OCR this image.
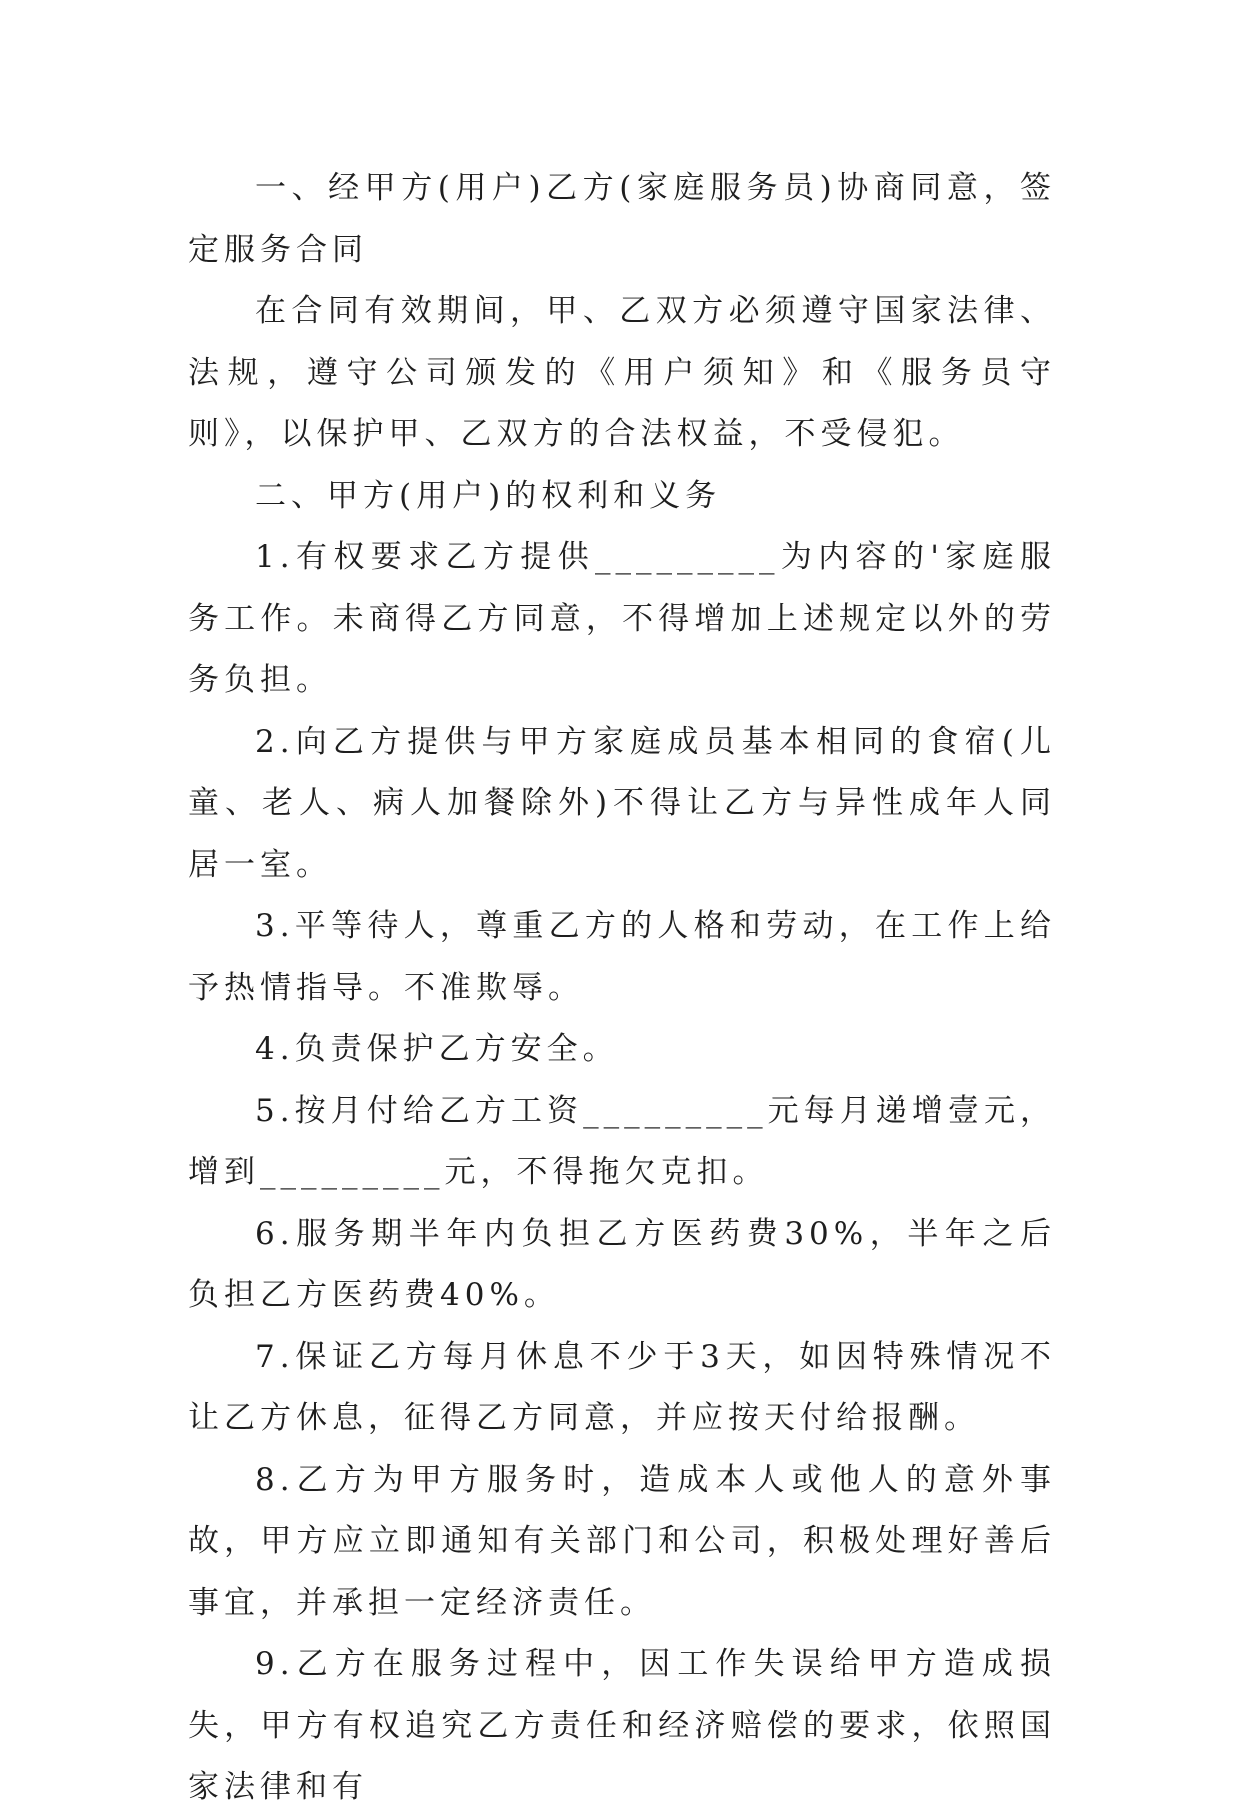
一、经甲方(用户)乙方(家庭服务员)协商同意，签定服务合同

在合同有效期间，甲、乙双方必须遵守国家法律、法规，遵守公司颁发的《用户须知》和《服务员守则》，以保护甲、乙双方的合法权益，不受侵犯。

二、甲方(用户)的权利和义务

1.有权要求乙方提供_________为内容的'家庭服务工作。未商得乙方同意，不得增加上述规定以外的劳务负担。

2.向乙方提供与甲方家庭成员基本相同的食宿(儿童、老人、病人加餐除外)不得让乙方与异性成年人同居一室。

3.平等待人，尊重乙方的人格和劳动，在工作上给予热情指导。不准欺辱。

4.负责保护乙方安全。

5.按月付给乙方工资_________元每月递增壹元，增到_________元，不得拖欠克扣。

6.服务期半年内负担乙方医药费30%，半年之后负担乙方医药费40%。

7.保证乙方每月休息不少于3天，如因特殊情况不让乙方休息，征得乙方同意，并应按天付给报酬。

8.乙方为甲方服务时，造成本人或他人的意外事故，甲方应立即通知有关部门和公司，积极处理好善后事宜，并承担一定经济责任。

9.乙方在服务过程中，因工作失误给甲方造成损失，甲方有权追究乙方责任和经济赔偿的要求，依照国家法律和有
